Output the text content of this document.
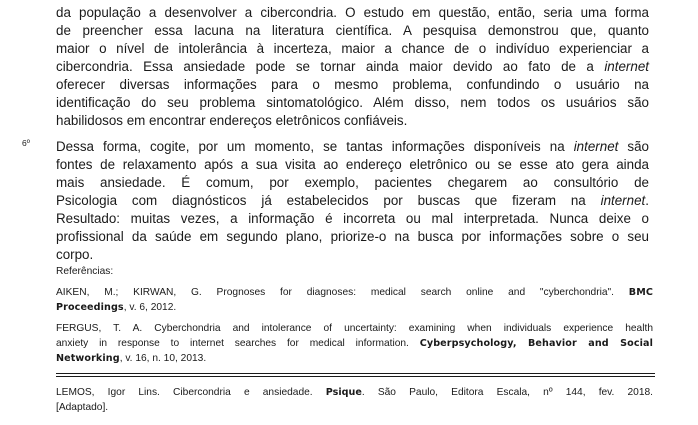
da população a desenvolver a cibercondria. O estudo em questão, então, seria uma forma
de preencher essa lacuna na literatura científica. A pesquisa demonstrou que, quanto
maior o nível de intolerância à incerteza, maior a chance de o indivíduo experienciar a
cibercondria. Essa ansiedade pode se tornar ainda maior devido ao fato de a internet
oferecer diversas informações para o mesmo problema, confundindo o usuário na
identificação do seu problema sintomatológico. Além disso, nem todos os usuários são
habilidosos em encontrar endereços eletrônicos confiáveis.
6º Dessa forma, cogite, por um momento, se tantas informações disponíveis na internet são
fontes de relaxamento após a sua visita ao endereço eletrônico ou se esse ato gera ainda
mais ansiedade. É comum, por exemplo, pacientes chegarem ao consultório de
Psicologia com diagnósticos já estabelecidos por buscas que fizeram na internet.
Resultado: muitas vezes, a informação é incorreta ou mal interpretada. Nunca deixe o
profissional da saúde em segundo plano, priorize-o na busca por informações sobre o seu
corpo.
Referências:
AIKEN, M.; KIRWAN, G. Prognoses for diagnoses: medical search online and "cyberchondria". BMC
Proceedings, v. 6, 2012.
FERGUS, T. A. Cyberchondria and intolerance of uncertainty: examining when individuals experience health
anxiety in response to internet searches for medical information. Cyberpsychology, Behavior and Social
Networking, v. 16, n. 10, 2013.
LEMOS, Igor Lins. Cibercondria e ansiedade. Psique. São Paulo, Editora Escala, nº 144, fev. 2018.
[Adaptado].
